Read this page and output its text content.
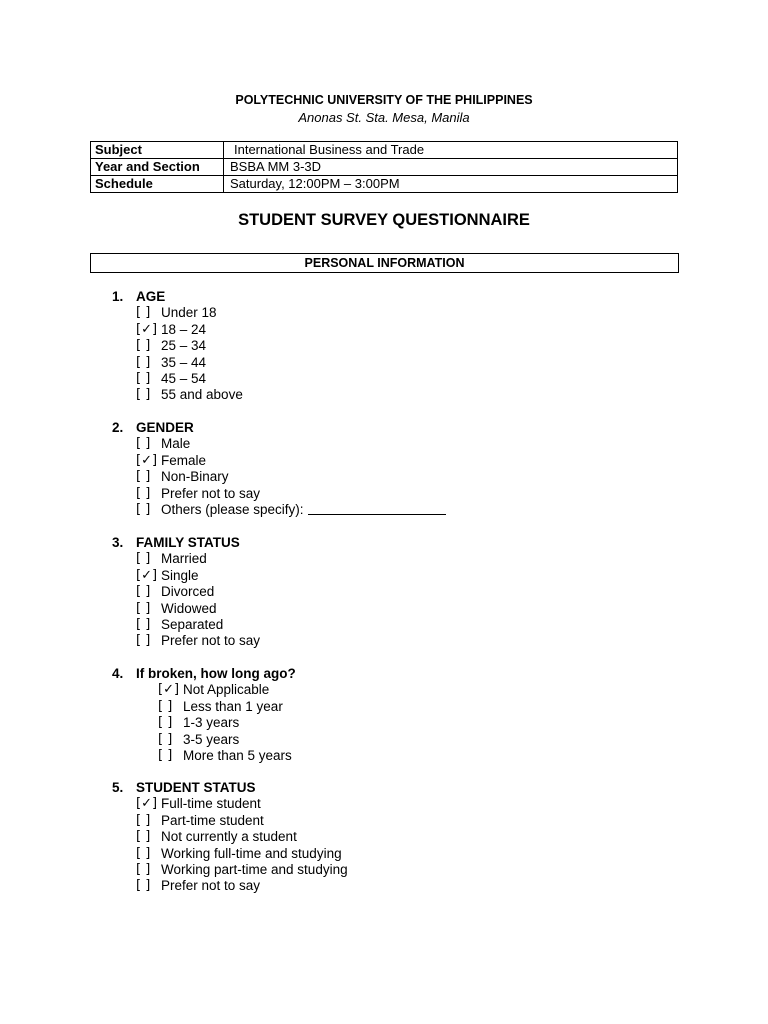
POLYTECHNIC UNIVERSITY OF THE PHILIPPINES
Anonas St. Sta. Mesa, Manila
Subject	International Business and Trade
Year and Section	BSBA MM 3-3D
Schedule	Saturday, 12:00PM – 3:00PM
STUDENT SURVEY QUESTIONNAIRE
PERSONAL INFORMATION
1. AGE
[ ] Under 18
[✓] 18 – 24
[ ] 25 – 34
[ ] 35 – 44
[ ] 45 – 54
[ ] 55 and above
2. GENDER
[ ] Male
[✓] Female
[ ] Non-Binary
[ ] Prefer not to say
[ ] Others (please specify):
3. FAMILY STATUS
[ ] Married
[✓] Single
[ ] Divorced
[ ] Widowed
[ ] Separated
[ ] Prefer not to say
4. If broken, how long ago?
[✓] Not Applicable
[ ] Less than 1 year
[ ] 1-3 years
[ ] 3-5 years
[ ] More than 5 years
5. STUDENT STATUS
[✓] Full-time student
[ ] Part-time student
[ ] Not currently a student
[ ] Working full-time and studying
[ ] Working part-time and studying
[ ] Prefer not to say
